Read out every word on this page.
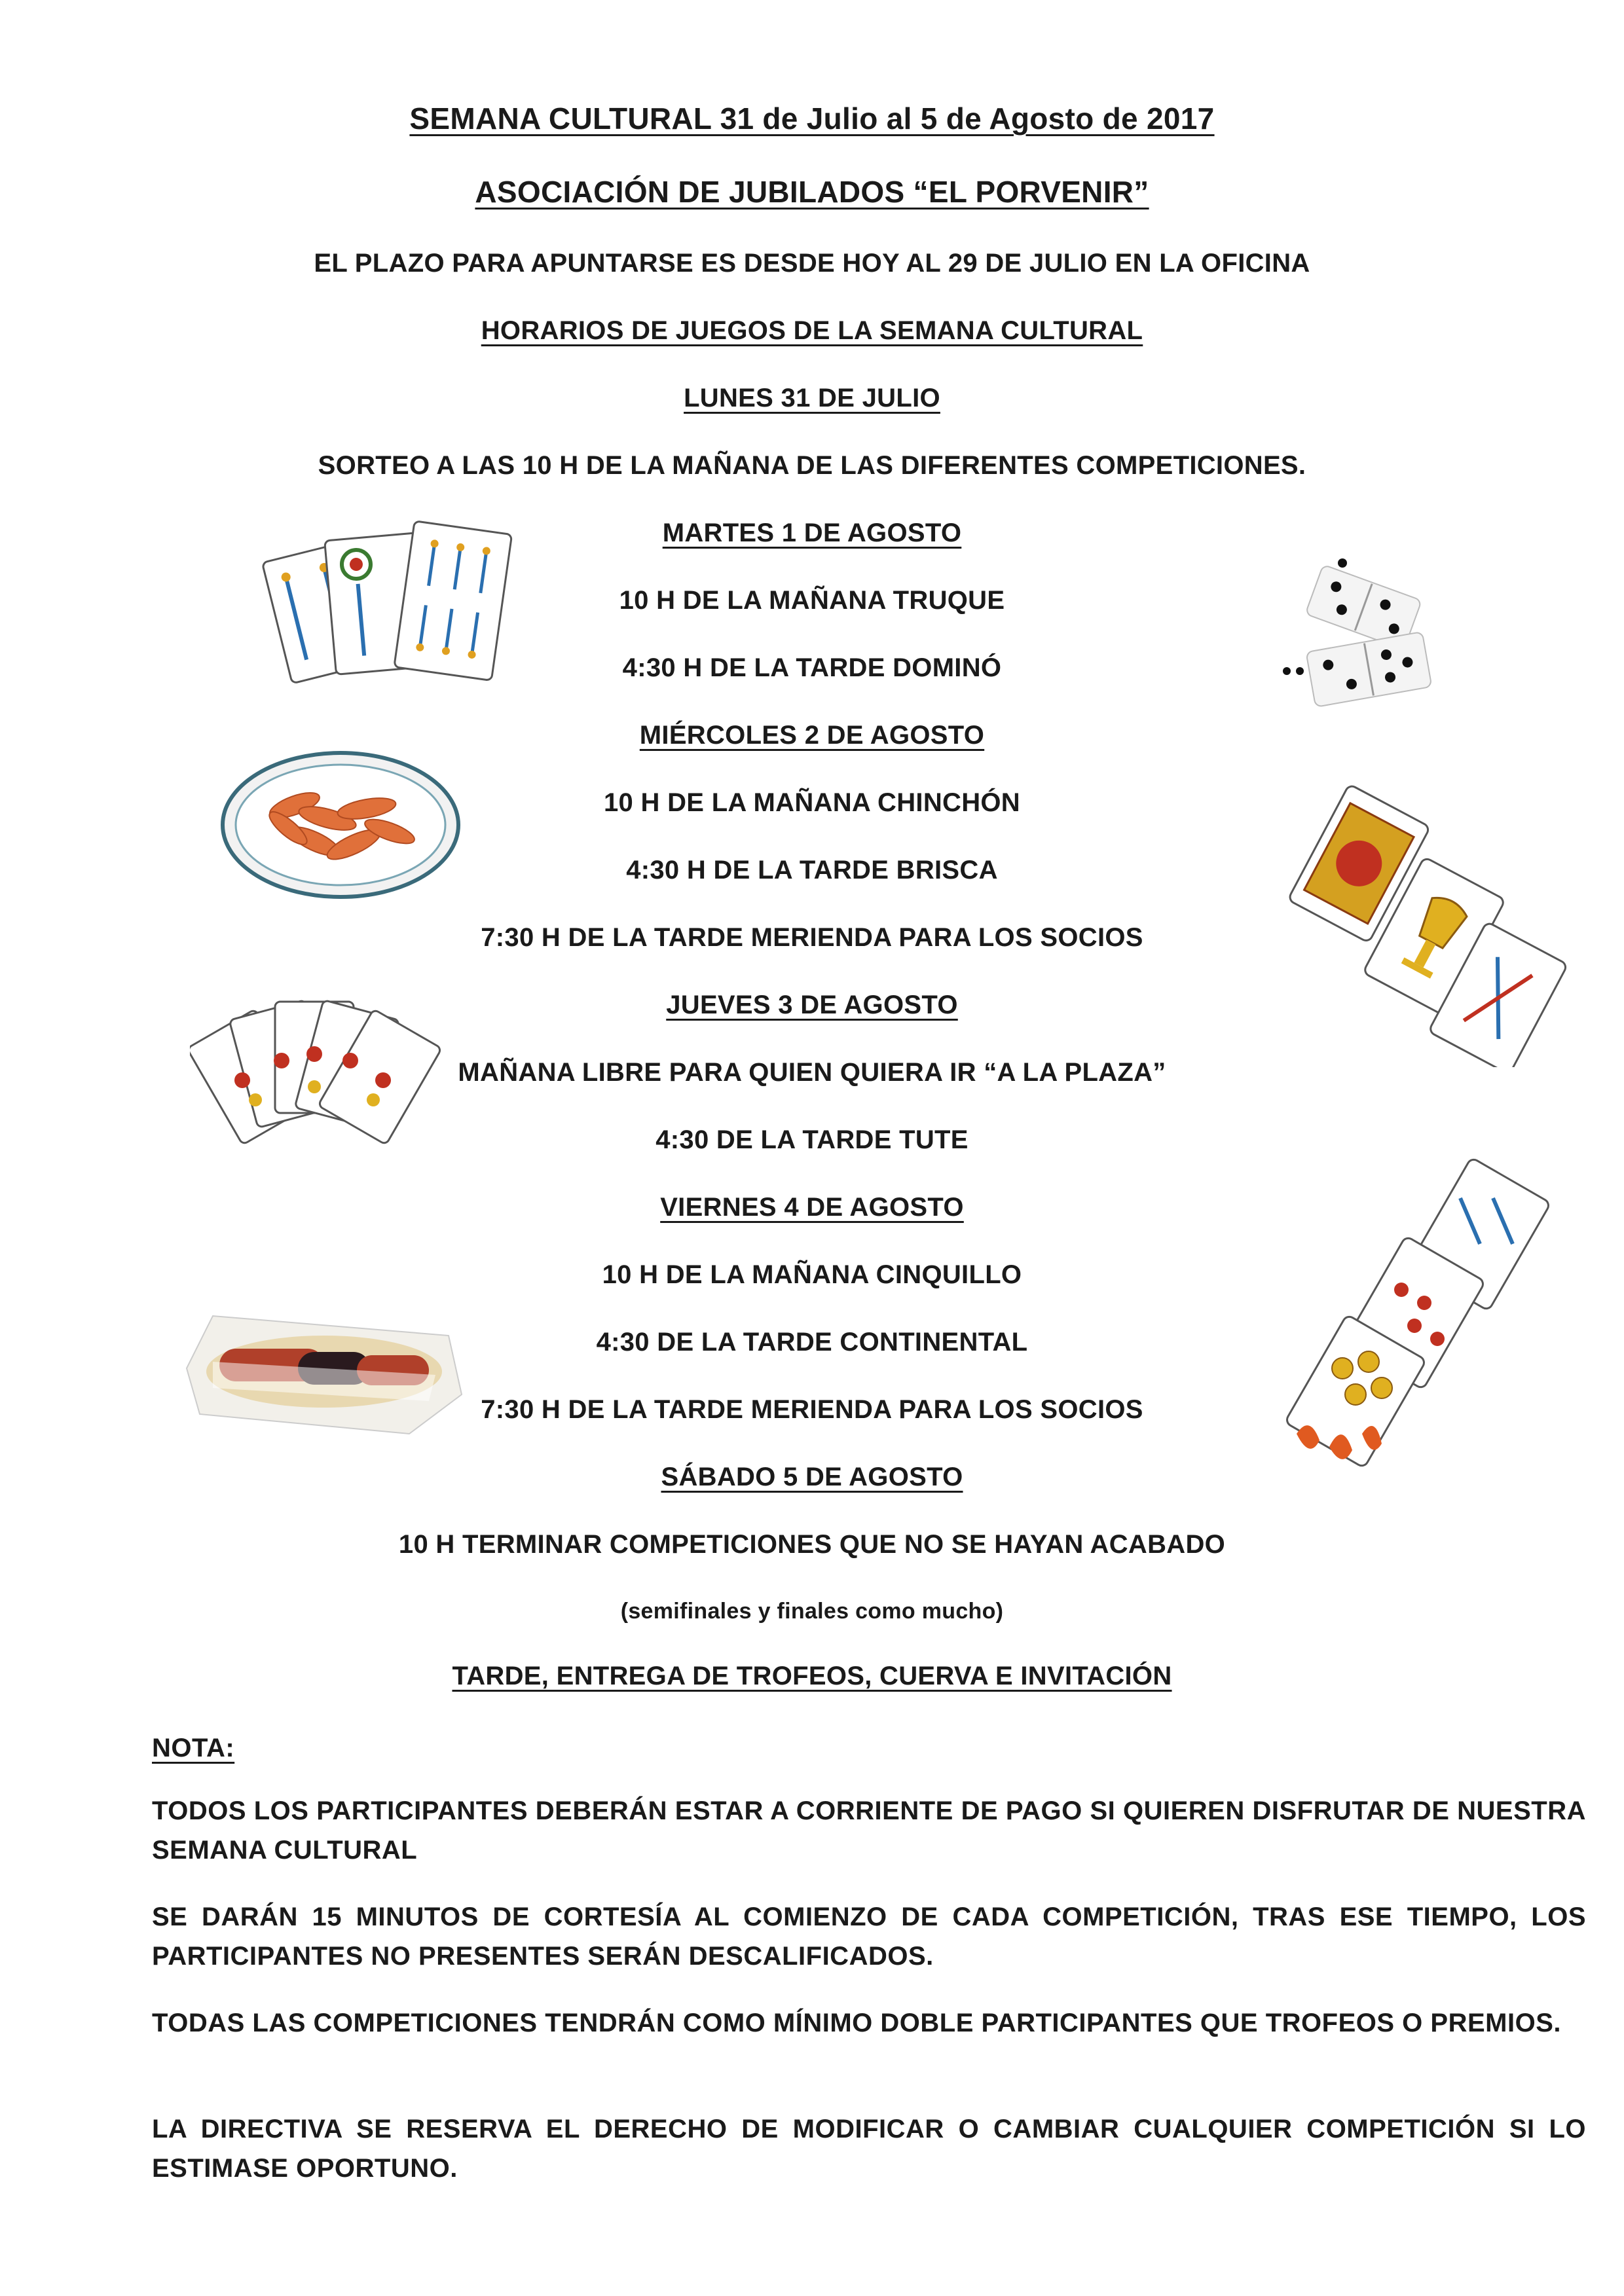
SEMANA CULTURAL 31 de Julio al 5 de Agosto de 2017
ASOCIACIÓN DE JUBILADOS “EL PORVENIR”
EL PLAZO PARA APUNTARSE ES DESDE HOY AL 29 DE JULIO EN LA OFICINA
HORARIOS DE JUEGOS DE LA SEMANA CULTURAL
LUNES 31 DE JULIO
SORTEO A LAS 10 H DE LA MAÑANA DE LAS DIFERENTES COMPETICIONES.
MARTES 1 DE AGOSTO
10 H DE LA MAÑANA TRUQUE
4:30 H DE LA TARDE DOMINÓ
MIÉRCOLES 2 DE AGOSTO
10 H DE LA MAÑANA CHINCHÓN
4:30 H DE LA TARDE BRISCA
7:30 H DE LA TARDE MERIENDA PARA LOS SOCIOS
JUEVES 3 DE AGOSTO
MAÑANA LIBRE PARA QUIEN QUIERA IR “A LA PLAZA”
4:30 DE LA TARDE TUTE
VIERNES 4 DE AGOSTO
10 H DE LA MAÑANA CINQUILLO
4:30 DE LA TARDE CONTINENTAL
7:30 H DE LA TARDE MERIENDA PARA LOS SOCIOS
SÁBADO 5 DE AGOSTO
10 H TERMINAR COMPETICIONES QUE NO SE HAYAN ACABADO
(semifinales y finales como mucho)
TARDE, ENTREGA DE TROFEOS, CUERVA E INVITACIÓN
NOTA:
TODOS LOS PARTICIPANTES DEBERÁN ESTAR A CORRIENTE DE PAGO SI QUIEREN DISFRUTAR DE NUESTRA SEMANA CULTURAL
SE DARÁN 15 MINUTOS DE CORTESÍA AL COMIENZO DE CADA COMPETICIÓN, TRAS ESE TIEMPO, LOS PARTICIPANTES NO PRESENTES SERÁN DESCALIFICADOS.
TODAS LAS COMPETICIONES TENDRÁN COMO MÍNIMO DOBLE PARTICIPANTES QUE TROFEOS O PREMIOS.
LA DIRECTIVA SE RESERVA EL DERECHO DE MODIFICAR O CAMBIAR CUALQUIER COMPETICIÓN SI LO ESTIMASE OPORTUNO.
